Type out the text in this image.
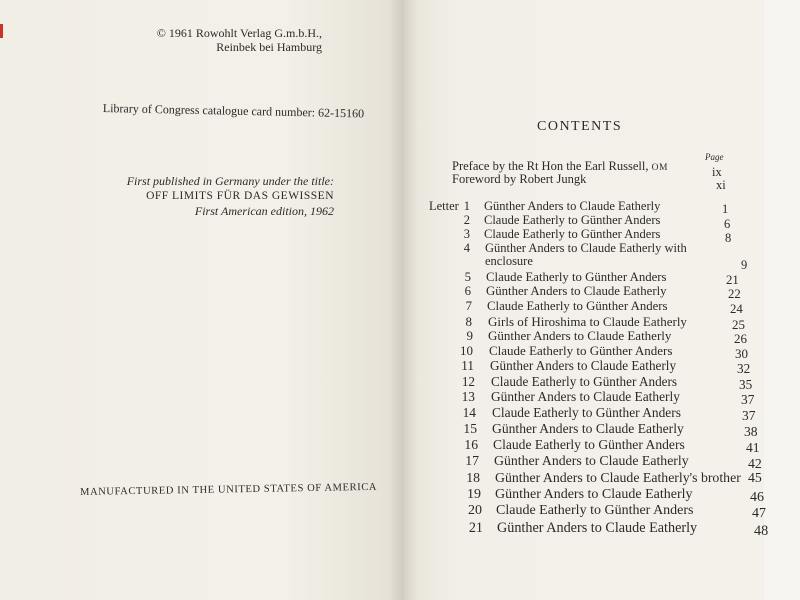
© 1961 Rowohlt Verlag G.m.b.H.,
Reinbek bei Hamburg
Library of Congress catalogue card number: 62-15160
First published in Germany under the title:
OFF LIMITS FÜR DAS GEWISSEN
First American edition, 1962
MANUFACTURED IN THE UNITED STATES OF AMERICA
CONTENTS
Page
Preface by the Rt Hon the Earl Russell, OM	ix
Foreword by Robert Jungk	xi
Letter 1 Günther Anders to Claude Eatherly	1
2 Claude Eatherly to Günther Anders	6
3 Claude Eatherly to Günther Anders	8
4 Günther Anders to Claude Eatherly with
enclosure	9
5 Claude Eatherly to Günther Anders	21
6 Günther Anders to Claude Eatherly	22
7 Claude Eatherly to Günther Anders	24
8 Girls of Hiroshima to Claude Eatherly	25
9 Günther Anders to Claude Eatherly	26
10 Claude Eatherly to Günther Anders	30
11 Günther Anders to Claude Eatherly	32
12 Claude Eatherly to Günther Anders	35
13 Günther Anders to Claude Eatherly	37
14 Claude Eatherly to Günther Anders	37
15 Günther Anders to Claude Eatherly	38
16 Claude Eatherly to Günther Anders	41
17 Günther Anders to Claude Eatherly	42
18 Günther Anders to Claude Eatherly's brother 45
19 Günther Anders to Claude Eatherly	46
20 Claude Eatherly to Günther Anders	47
21 Günther Anders to Claude Eatherly	48
